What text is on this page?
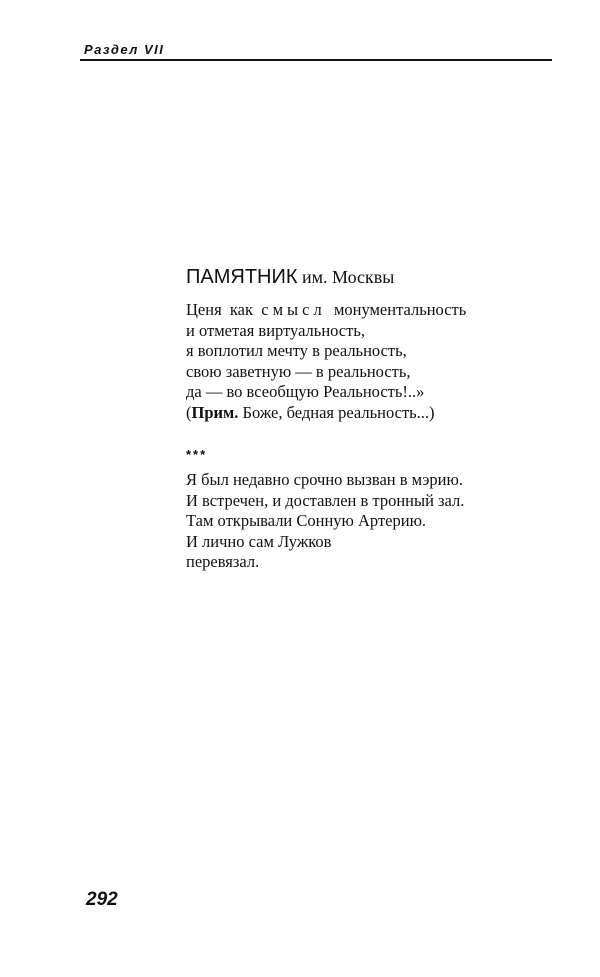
Раздел VII
ПАМЯТНИК им. Москвы
Ценя  как  смысл  монументальность
и отметая виртуальность,
я воплотил мечту в реальность,
свою заветную — в реальность,
да — во всеобщую Реальность!..»
(Прим. Боже, бедная реальность...)
***
Я был недавно срочно вызван в мэрию.
И встречен, и доставлен в тронный зал.
Там открывали Сонную Артерию.
И лично сам Лужков
перевязал.
292
